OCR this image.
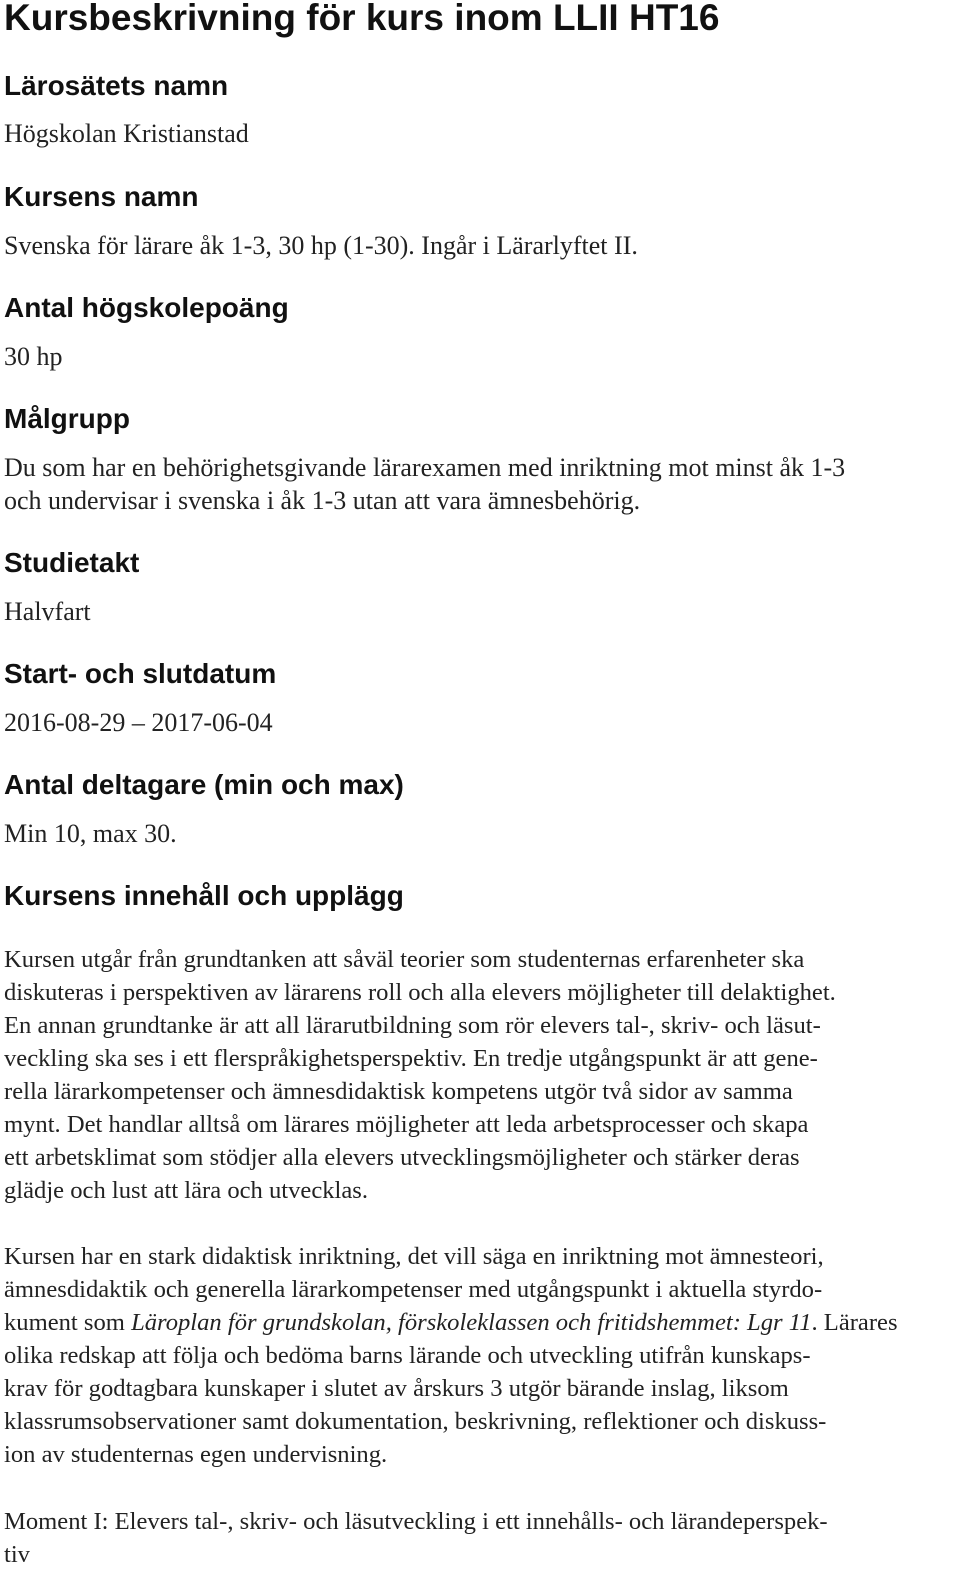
Kursbeskrivning för kurs inom LLII HT16
Lärosätets namn

Högskolan Kristianstad

Kursens namn

Svenska för lärare åk 1-3, 30 hp (1-30). Ingår i Lärarlyftet II.

Antal högskolepoäng

30 hp

Målgrupp

Du som har en behörighetsgivande lärarexamen med inriktning mot minst åk 1-3

och undervisar i svenska i åk 1-3 utan att vara ämnesbehörig.

Studietakt

Halvfart

Start- och slutdatum

2016-08-29 – 2017-06-04

Antal deltagare (min och max)

Min 10, max 30.

Kursens innehåll och upplägg

Kursen utgår från grundtanken att såväl teorier som studenternas erfarenheter ska

diskuteras i perspektiven av lärarens roll och alla elevers möjligheter till delaktighet.

En annan grundtanke är att all lärarutbildning som rör elevers tal-, skriv- och läsut-

veckling ska ses i ett flerspråkighetsperspektiv. En tredje utgångspunkt är att gene-

rella lärarkompetenser och ämnesdidaktisk kompetens utgör två sidor av samma

mynt. Det handlar alltså om lärares möjligheter att leda arbetsprocesser och skapa

ett arbetsklimat som stödjer alla elevers utvecklingsmöjligheter och stärker deras

glädje och lust att lära och utvecklas.

Kursen har en stark didaktisk inriktning, det vill säga en inriktning mot ämnesteori,

ämnesdidaktik och generella lärarkompetenser med utgångspunkt i aktuella styrdo-

kument som Läroplan för grundskolan, förskoleklassen och fritidshemmet: Lgr 11. Lärares

olika redskap att följa och bedöma barns lärande och utveckling utifrån kunskaps-

krav för godtagbara kunskaper i slutet av årskurs 3 utgör bärande inslag, liksom

klassrumsobservationer samt dokumentation, beskrivning, reflektioner och diskuss-

ion av studenternas egen undervisning.

Moment I: Elevers tal-, skriv- och läsutveckling i ett innehålls- och lärandeperspek-

tiv
